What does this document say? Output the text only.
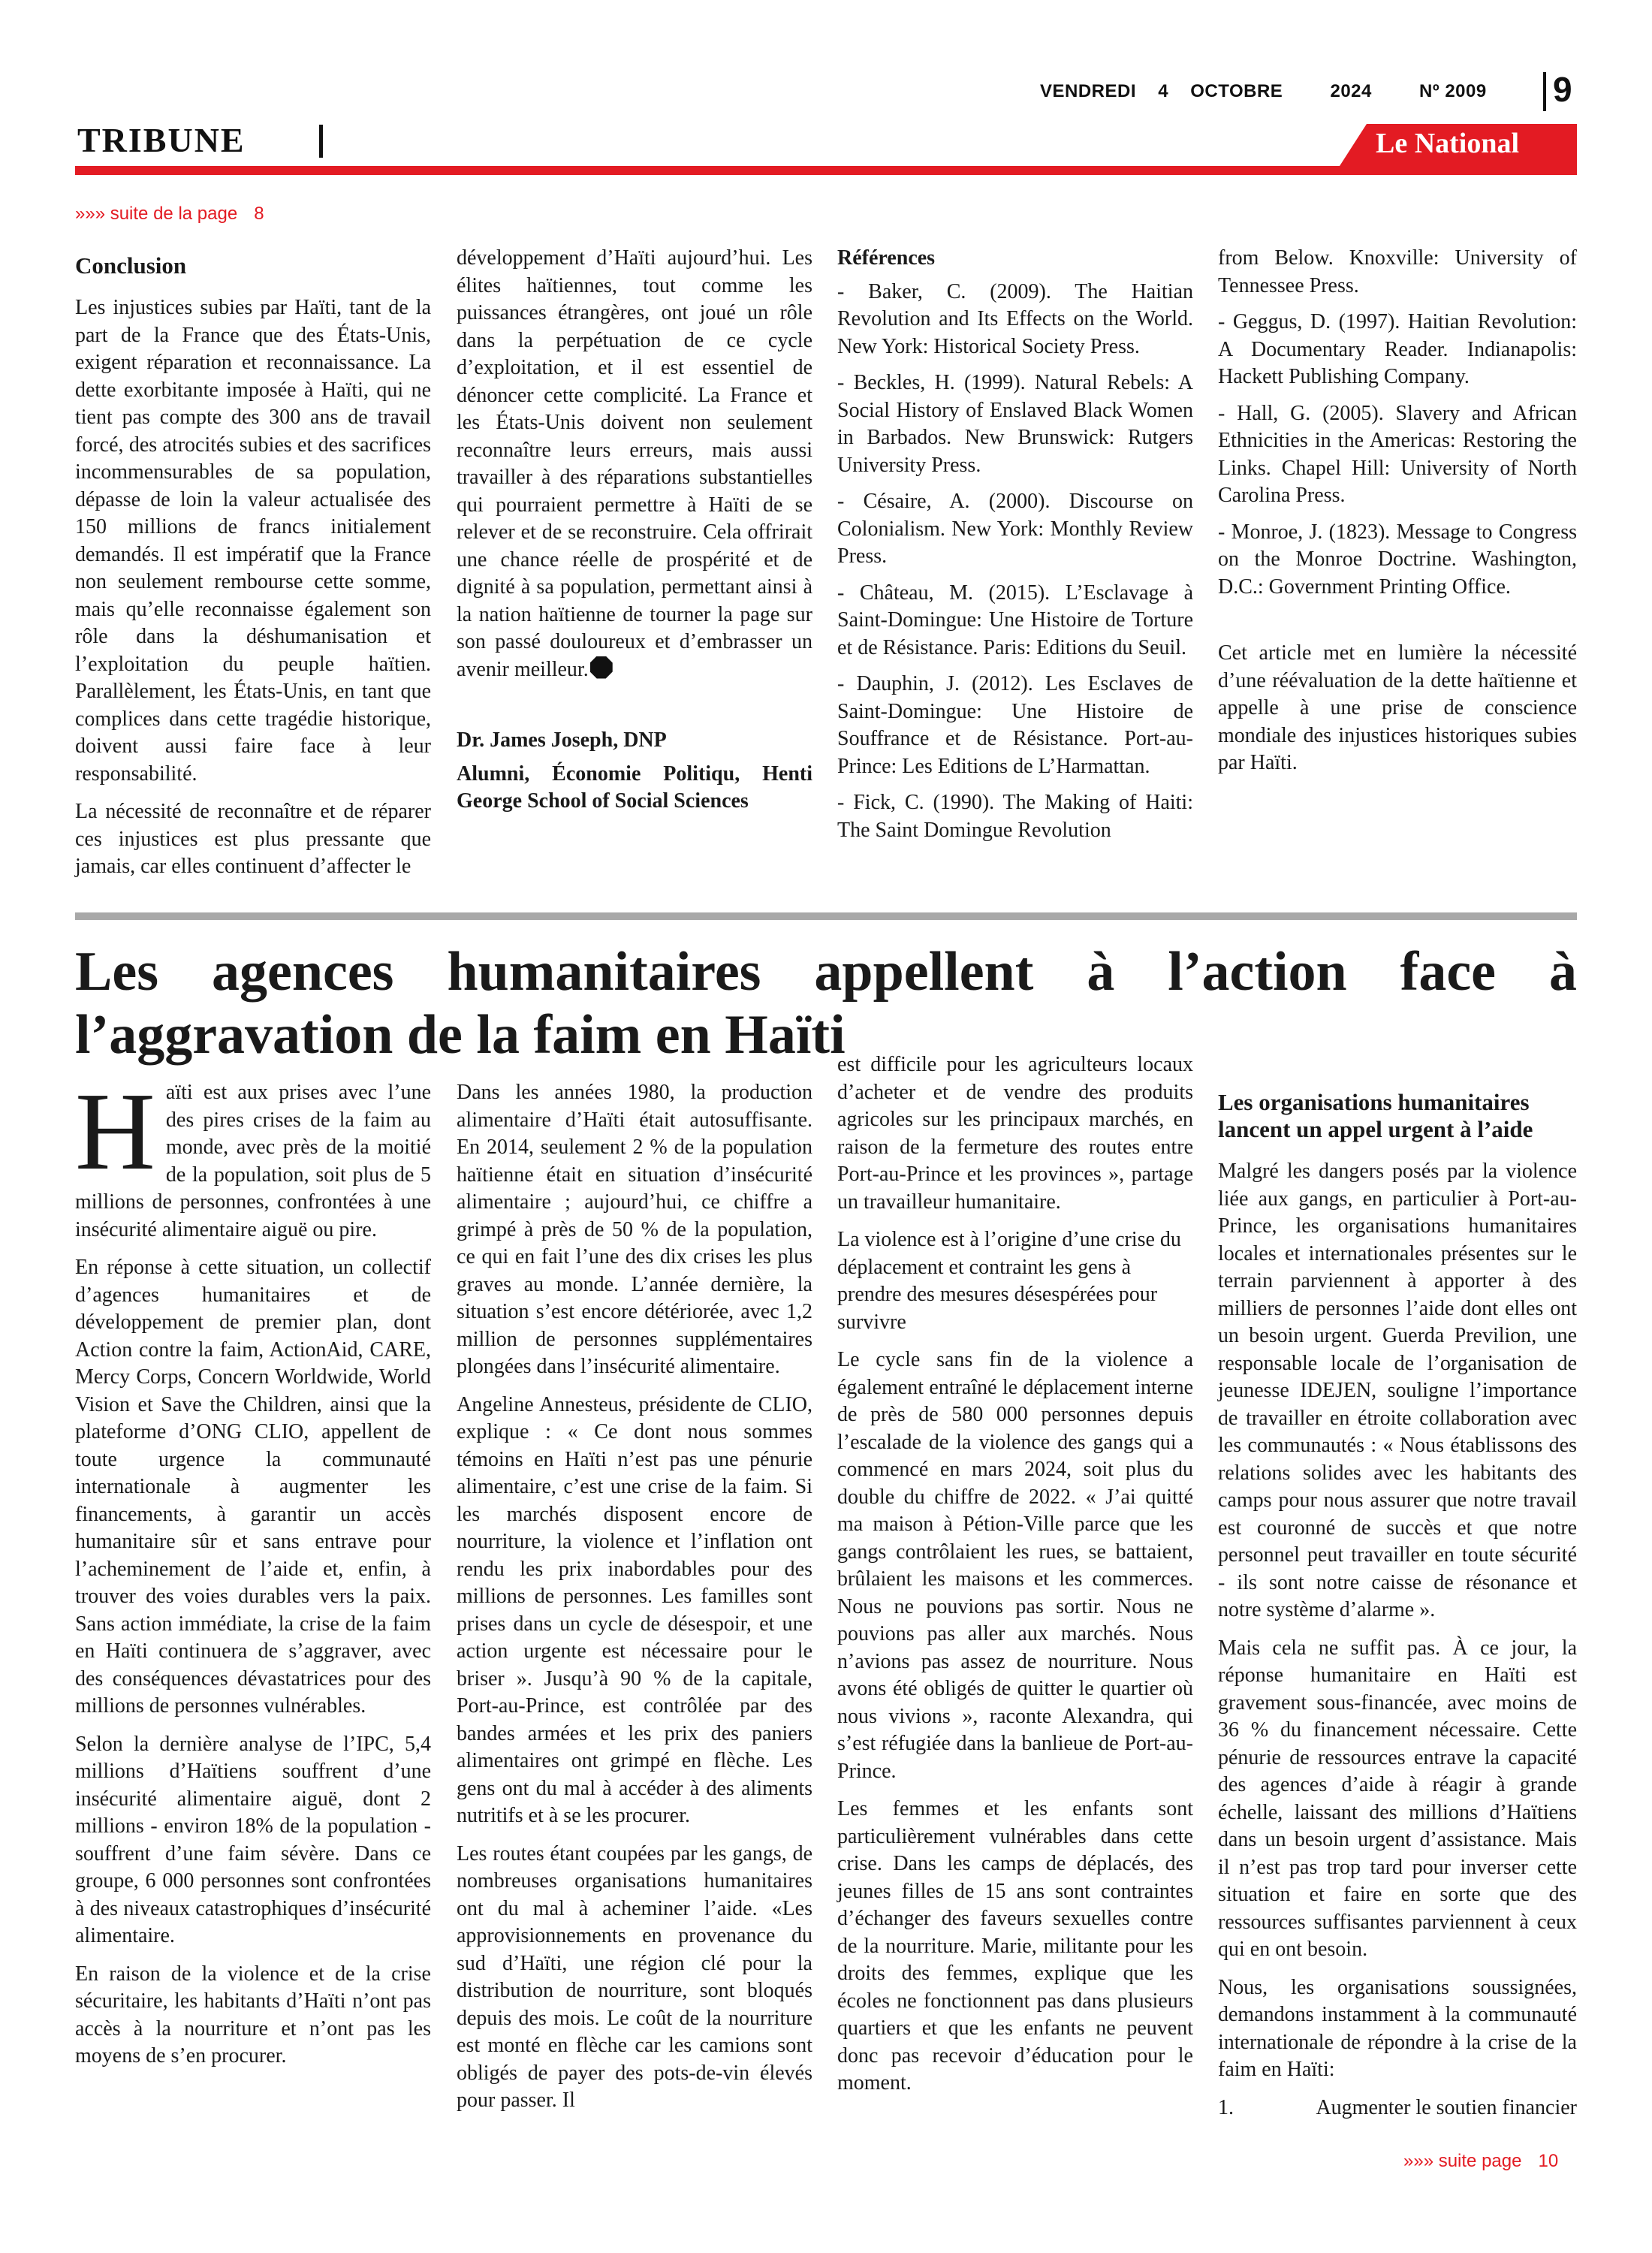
VENDREDI 4 OCTOBRE	2024	Nº 2009 9
TRIBUNE	Le National
»»» suite de la page 8
Conclusion

Les injustices subies par Haïti, tant de la part de la France que des États-Unis, exigent réparation et reconnaissance. La dette exorbitante imposée à Haïti, qui ne tient pas compte des 300 ans de travail forcé, des atrocités subies et des sacrifices incommensurables de sa population, dépasse de loin la valeur actualisée des 150 millions de francs initialement demandés. Il est impératif que la France non seulement rembourse cette somme, mais qu’elle reconnaisse également son rôle dans la déshumanisation et l’exploitation du peuple haïtien. Parallèlement, les États-Unis, en tant que complices dans cette tragédie historique, doivent aussi faire face à leur responsabilité.

La nécessité de reconnaître et de réparer ces injustices est plus pressante que jamais, car elles continuent d’affecter le

développement d’Haïti aujourd’hui. Les élites haïtiennes, tout comme les puissances étrangères, ont joué un rôle dans la perpétuation de ce cycle d’exploitation, et il est essentiel de dénoncer cette complicité. La France et les États-Unis doivent non seulement reconnaître leurs erreurs, mais aussi travailler à des réparations substantielles qui pourraient permettre à Haïti de se relever et de se reconstruire. Cela offrirait une chance réelle de prospérité et de dignité à sa population, permettant ainsi à la nation haïtienne de tourner la page sur son passé douloureux et d’embrasser un avenir meilleur.

Dr. James Joseph, DNP

Alumni, Économie Politiqu, Henti George School of Social Sciences

Références

- Baker, C. (2009). The Haitian Revolution and Its Effects on the World. New York: Historical Society Press.

- Beckles, H. (1999). Natural Rebels: A Social History of Enslaved Black Women in Barbados. New Brunswick: Rutgers University Press.

- Césaire, A. (2000). Discourse on Colonialism. New York: Monthly Review Press.

- Château, M. (2015). L’Esclavage à Saint-Domingue: Une Histoire de Torture et de Résistance. Paris: Editions du Seuil.

- Dauphin, J. (2012). Les Esclaves de Saint-Domingue: Une Histoire de Souffrance et de Résistance. Port-au-Prince: Les Editions de L’Harmattan.

- Fick, C. (1990). The Making of Haiti: The Saint Domingue Revolution

from Below. Knoxville: University of Tennessee Press.

- Geggus, D. (1997). Haitian Revolution: A Documentary Reader. Indianapolis: Hackett Publishing Company.

- Hall, G. (2005). Slavery and African Ethnicities in the Americas: Restoring the Links. Chapel Hill: University of North Carolina Press.

- Monroe, J. (1823). Message to Congress on the Monroe Doctrine. Washington, D.C.: Government Printing Office.

Cet article met en lumière la nécessité d’une réévaluation de la dette haïtienne et appelle à une prise de conscience mondiale des injustices historiques subies par Haïti.

Les agences humanitaires appellent à l’action face à l’aggravation de la faim en Haïti

Haïti est aux prises avec l’une des pires crises de la faim au monde, avec près de la moitié de la population, soit plus de 5 millions de personnes, confrontées à une insécurité alimentaire aiguë ou pire.

En réponse à cette situation, un collectif d’agences humanitaires et de développement de premier plan, dont Action contre la faim, ActionAid, CARE, Mercy Corps, Concern Worldwide, World Vision et Save the Children, ainsi que la plateforme d’ONG CLIO, appellent de toute urgence la communauté internationale à augmenter les financements, à garantir un accès humanitaire sûr et sans entrave pour l’acheminement de l’aide et, enfin, à trouver des voies durables vers la paix. Sans action immédiate, la crise de la faim en Haïti continuera de s’aggraver, avec des conséquences dévastatrices pour des millions de personnes vulnérables.

Selon la dernière analyse de l’IPC, 5,4 millions d’Haïtiens souffrent d’une insécurité alimentaire aiguë, dont 2 millions - environ 18% de la population - souffrent d’une faim sévère. Dans ce groupe, 6 000 personnes sont confrontées à des niveaux catastrophiques d’insécurité alimentaire.

En raison de la violence et de la crise sécuritaire, les habitants d’Haïti n’ont pas accès à la nourriture et n’ont pas les moyens de s’en procurer.

Dans les années 1980, la production alimentaire d’Haïti était autosuffisante. En 2014, seulement 2 % de la population haïtienne était en situation d’insécurité alimentaire ; aujourd’hui, ce chiffre a grimpé à près de 50 % de la population, ce qui en fait l’une des dix crises les plus graves au monde. L’année dernière, la situation s’est encore détériorée, avec 1,2 million de personnes supplémentaires plongées dans l’insécurité alimentaire.

Angeline Annesteus, présidente de CLIO, explique : « Ce dont nous sommes témoins en Haïti n’est pas une pénurie alimentaire, c’est une crise de la faim. Si les marchés disposent encore de nourriture, la violence et l’inflation ont rendu les prix inabordables pour des millions de personnes. Les familles sont prises dans un cycle de désespoir, et une action urgente est nécessaire pour le briser ». Jusqu’à 90 % de la capitale, Port-au-Prince, est contrôlée par des bandes armées et les prix des paniers alimentaires ont grimpé en flèche. Les gens ont du mal à accéder à des aliments nutritifs et à se les procurer.

Les routes étant coupées par les gangs, de nombreuses organisations humanitaires ont du mal à acheminer l’aide. «Les approvisionnements en provenance du sud d’Haïti, une région clé pour la distribution de nourriture, sont bloqués depuis des mois. Le coût de la nourriture est monté en flèche car les camions sont obligés de payer des pots-de-vin élevés pour passer. Il

est difficile pour les agriculteurs locaux d’acheter et de vendre des produits agricoles sur les principaux marchés, en raison de la fermeture des routes entre Port-au-Prince et les provinces », partage un travailleur humanitaire.

La violence est à l’origine d’une crise du déplacement et contraint les gens à prendre des mesures désespérées pour survivre

Le cycle sans fin de la violence a également entraîné le déplacement interne de près de 580 000 personnes depuis l’escalade de la violence des gangs qui a commencé en mars 2024, soit plus du double du chiffre de 2022. « J’ai quitté ma maison à Pétion-Ville parce que les gangs contrôlaient les rues, se battaient, brûlaient les maisons et les commerces. Nous ne pouvions pas sortir. Nous ne pouvions pas aller aux marchés. Nous n’avions pas assez de nourriture. Nous avons été obligés de quitter le quartier où nous vivions », raconte Alexandra, qui s’est réfugiée dans la banlieue de Port-au-Prince.

Les femmes et les enfants sont particulièrement vulnérables dans cette crise. Dans les camps de déplacés, des jeunes filles de 15 ans sont contraintes d’échanger des faveurs sexuelles contre de la nourriture. Marie, militante pour les droits des femmes, explique que les écoles ne fonctionnent pas dans plusieurs quartiers et que les enfants ne peuvent donc pas recevoir d’éducation pour le moment.

Les organisations humanitaires lancent un appel urgent à l’aide

Malgré les dangers posés par la violence liée aux gangs, en particulier à Port-au-Prince, les organisations humanitaires locales et internationales présentes sur le terrain parviennent à apporter à des milliers de personnes l’aide dont elles ont un besoin urgent. Guerda Previlion, une responsable locale de l’organisation de jeunesse IDEJEN, souligne l’importance de travailler en étroite collaboration avec les communautés : « Nous établissons des relations solides avec les habitants des camps pour nous assurer que notre travail est couronné de succès et que notre personnel peut travailler en toute sécurité - ils sont notre caisse de résonance et notre système d’alarme ».

Mais cela ne suffit pas. À ce jour, la réponse humanitaire en Haïti est gravement sous-financée, avec moins de 36 % du financement nécessaire. Cette pénurie de ressources entrave la capacité des agences d’aide à réagir à grande échelle, laissant des millions d’Haïtiens dans un besoin urgent d’assistance. Mais il n’est pas trop tard pour inverser cette situation et faire en sorte que des ressources suffisantes parviennent à ceux qui en ont besoin.

Nous, les organisations soussignées, demandons instamment à la communauté internationale de répondre à la crise de la faim en Haïti:

1.	Augmenter le soutien financier
»»» suite page 10
